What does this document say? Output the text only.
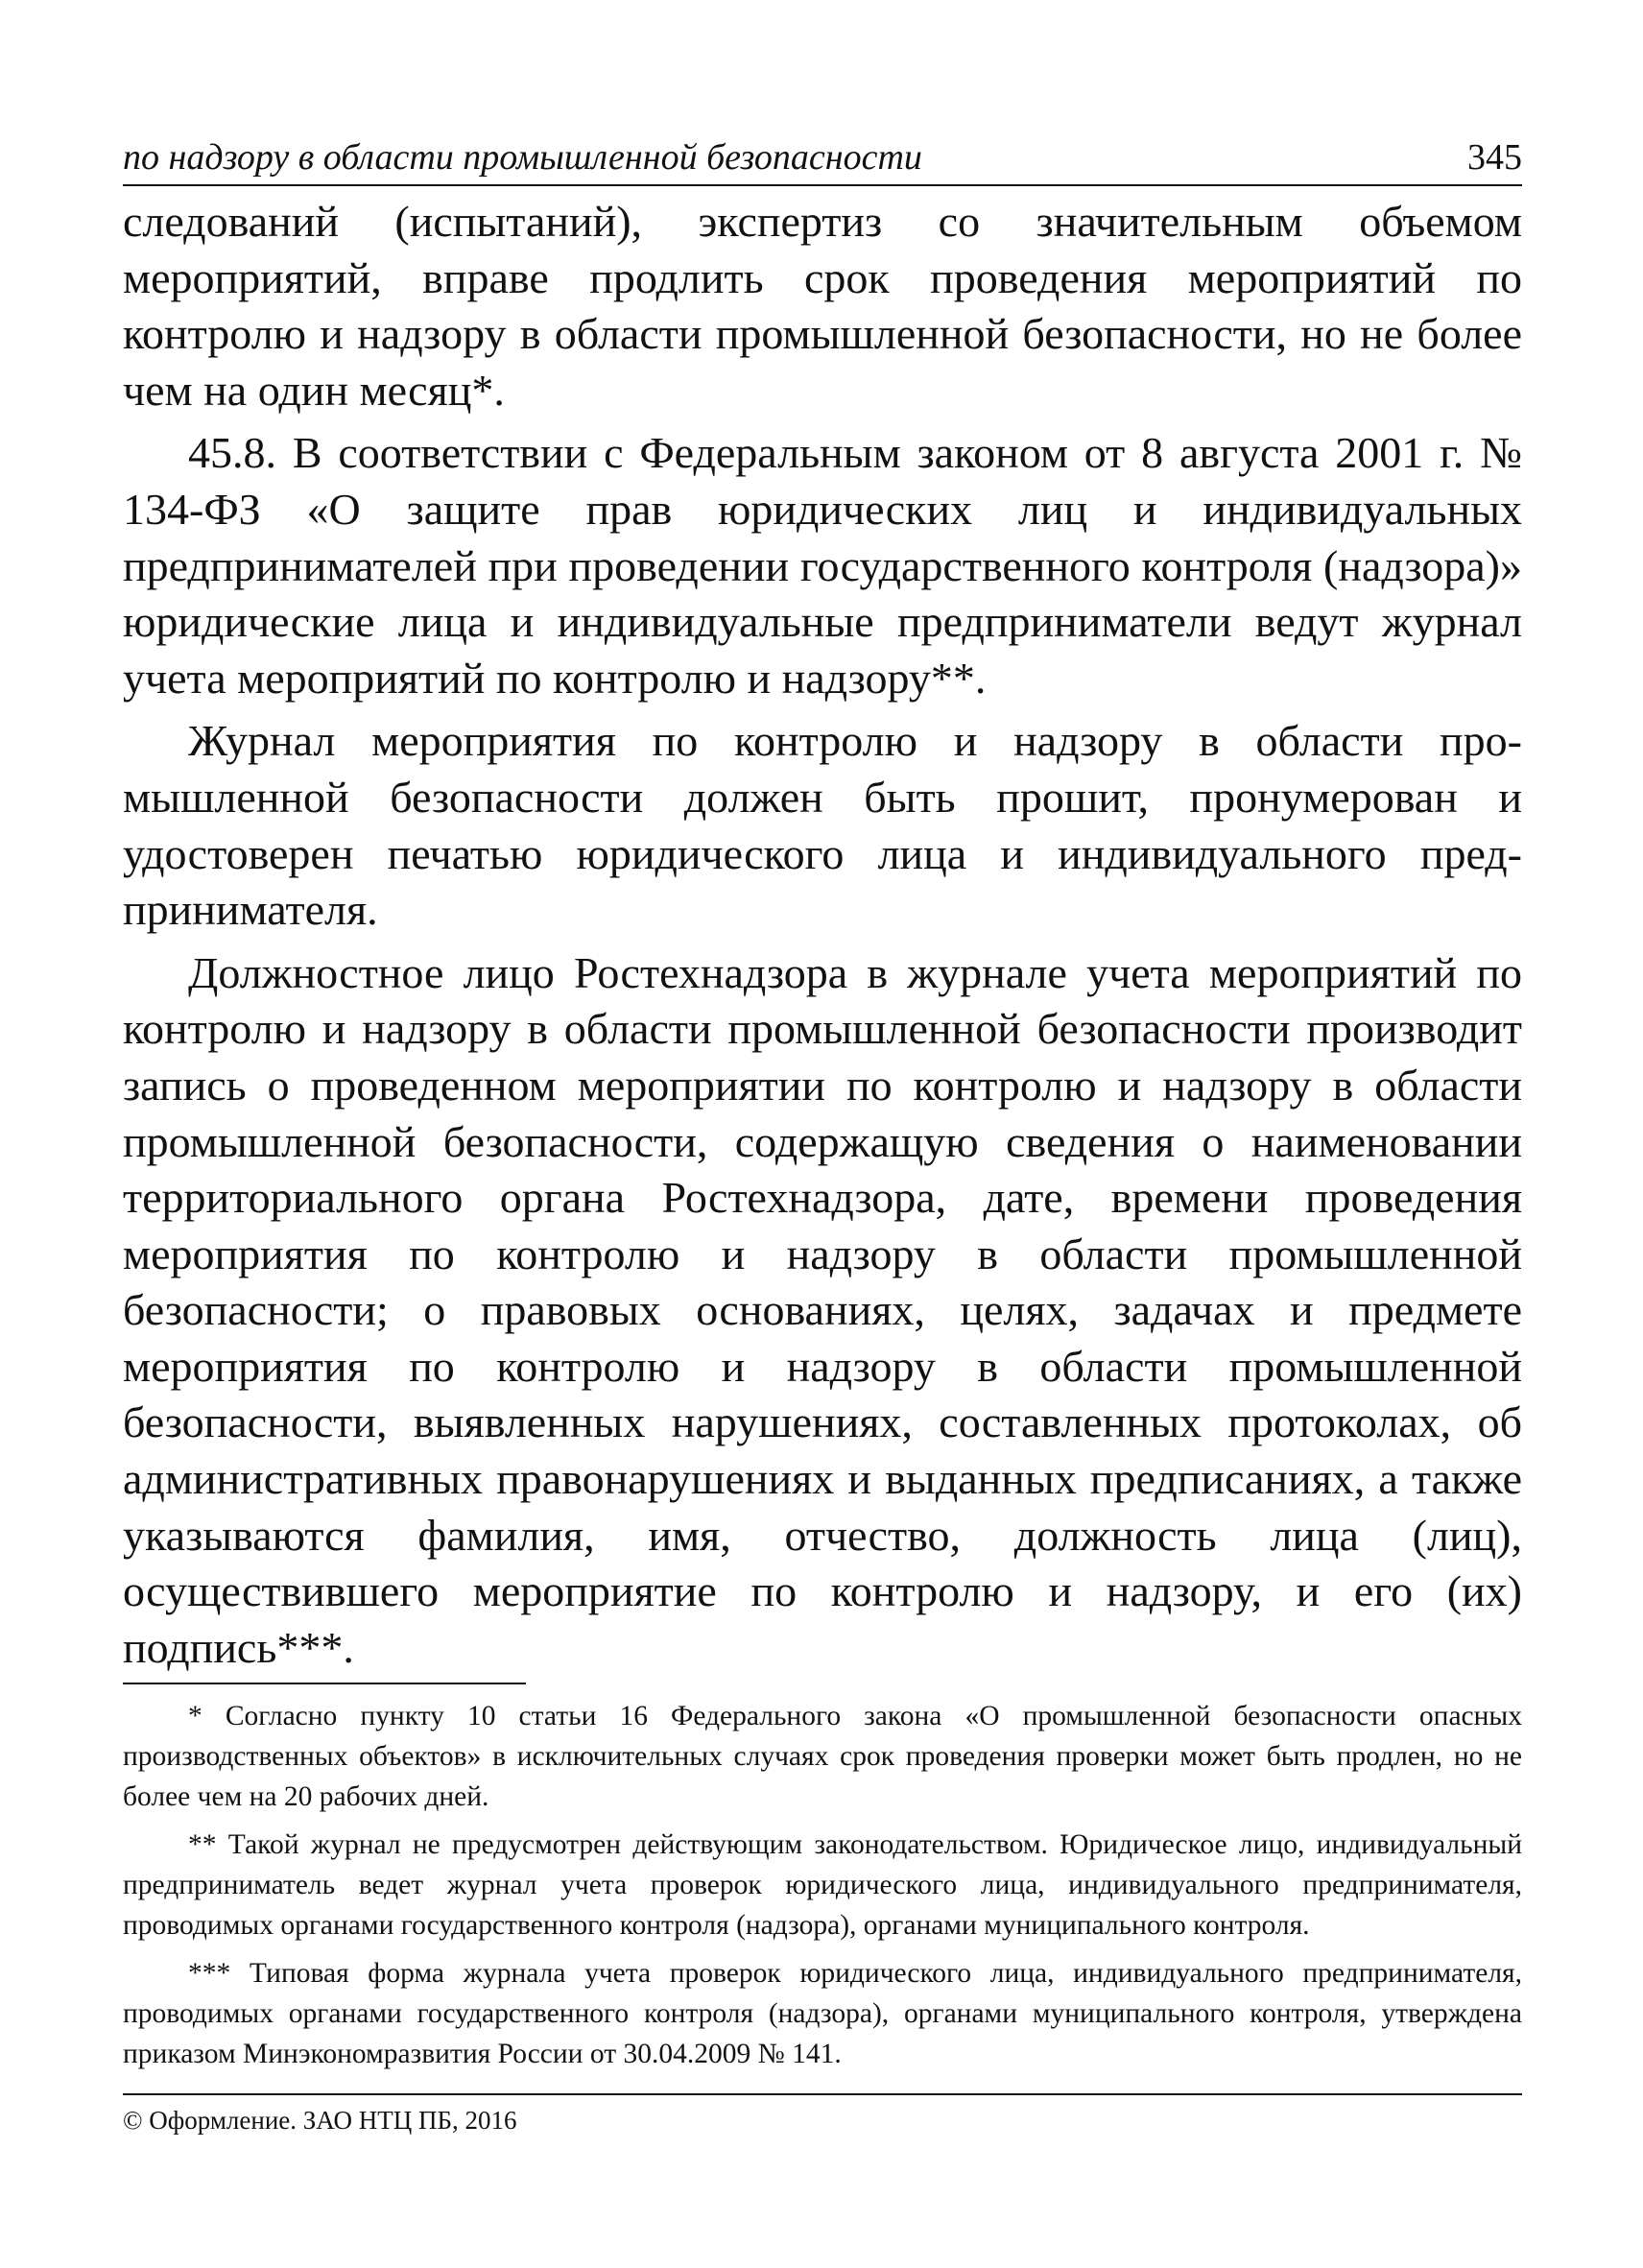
по надзору в области промышленной безопасности	345

следований (испытаний), экспертиз со значительным объемом мероприятий, вправе продлить срок проведения мероприятий по контролю и надзору в области промышленной безопасности, но не более чем на один месяц*.

45.8. В соответствии с Федеральным законом от 8 августа 2001 г. № 134-ФЗ «О защите прав юридических лиц и индивидуальных предпринимателей при проведении государственного контроля (надзора)» юридические лица и индивидуальные предприниматели ведут журнал учета мероприятий по контролю и надзору**.

Журнал мероприятия по контролю и надзору в области промышленной безопасности должен быть прошит, пронумерован и удостоверен печатью юридического лица и индивидуального предпринимателя.

Должностное лицо Ростехнадзора в журнале учета мероприятий по контролю и надзору в области промышленной безопасности производит запись о проведенном мероприятии по контролю и надзору в области промышленной безопасности, содержащую сведения о наименовании территориального органа Ростехнадзора, дате, времени проведения мероприятия по контролю и надзору в области промышленной безопасности; о правовых основаниях, целях, задачах и предмете мероприятия по контролю и надзору в области промышленной безопасности, выявленных нарушениях, составленных протоколах, об административных правонарушениях и выданных предписаниях, а также указываются фамилия, имя, отчество, должность лица (лиц), осуществившего мероприятие по контролю и надзору, и его (их) подпись***.

* Согласно пункту 10 статьи 16 Федерального закона «О промышленной безопасности опасных производственных объектов» в исключительных случаях срок проведения проверки может быть продлен, но не более чем на 20 рабочих дней.

** Такой журнал не предусмотрен действующим законодательством. Юридическое лицо, индивидуальный предприниматель ведет журнал учета проверок юридического лица, индивидуального предпринимателя, проводимых органами государственного контроля (надзора), органами муниципального контроля.

*** Типовая форма журнала учета проверок юридического лица, индивидуального предпринимателя, проводимых органами государственного контроля (надзора), органами муниципального контроля, утверждена приказом Минэкономразвития России от 30.04.2009 № 141.

© Оформление. ЗАО НТЦ ПБ, 2016
